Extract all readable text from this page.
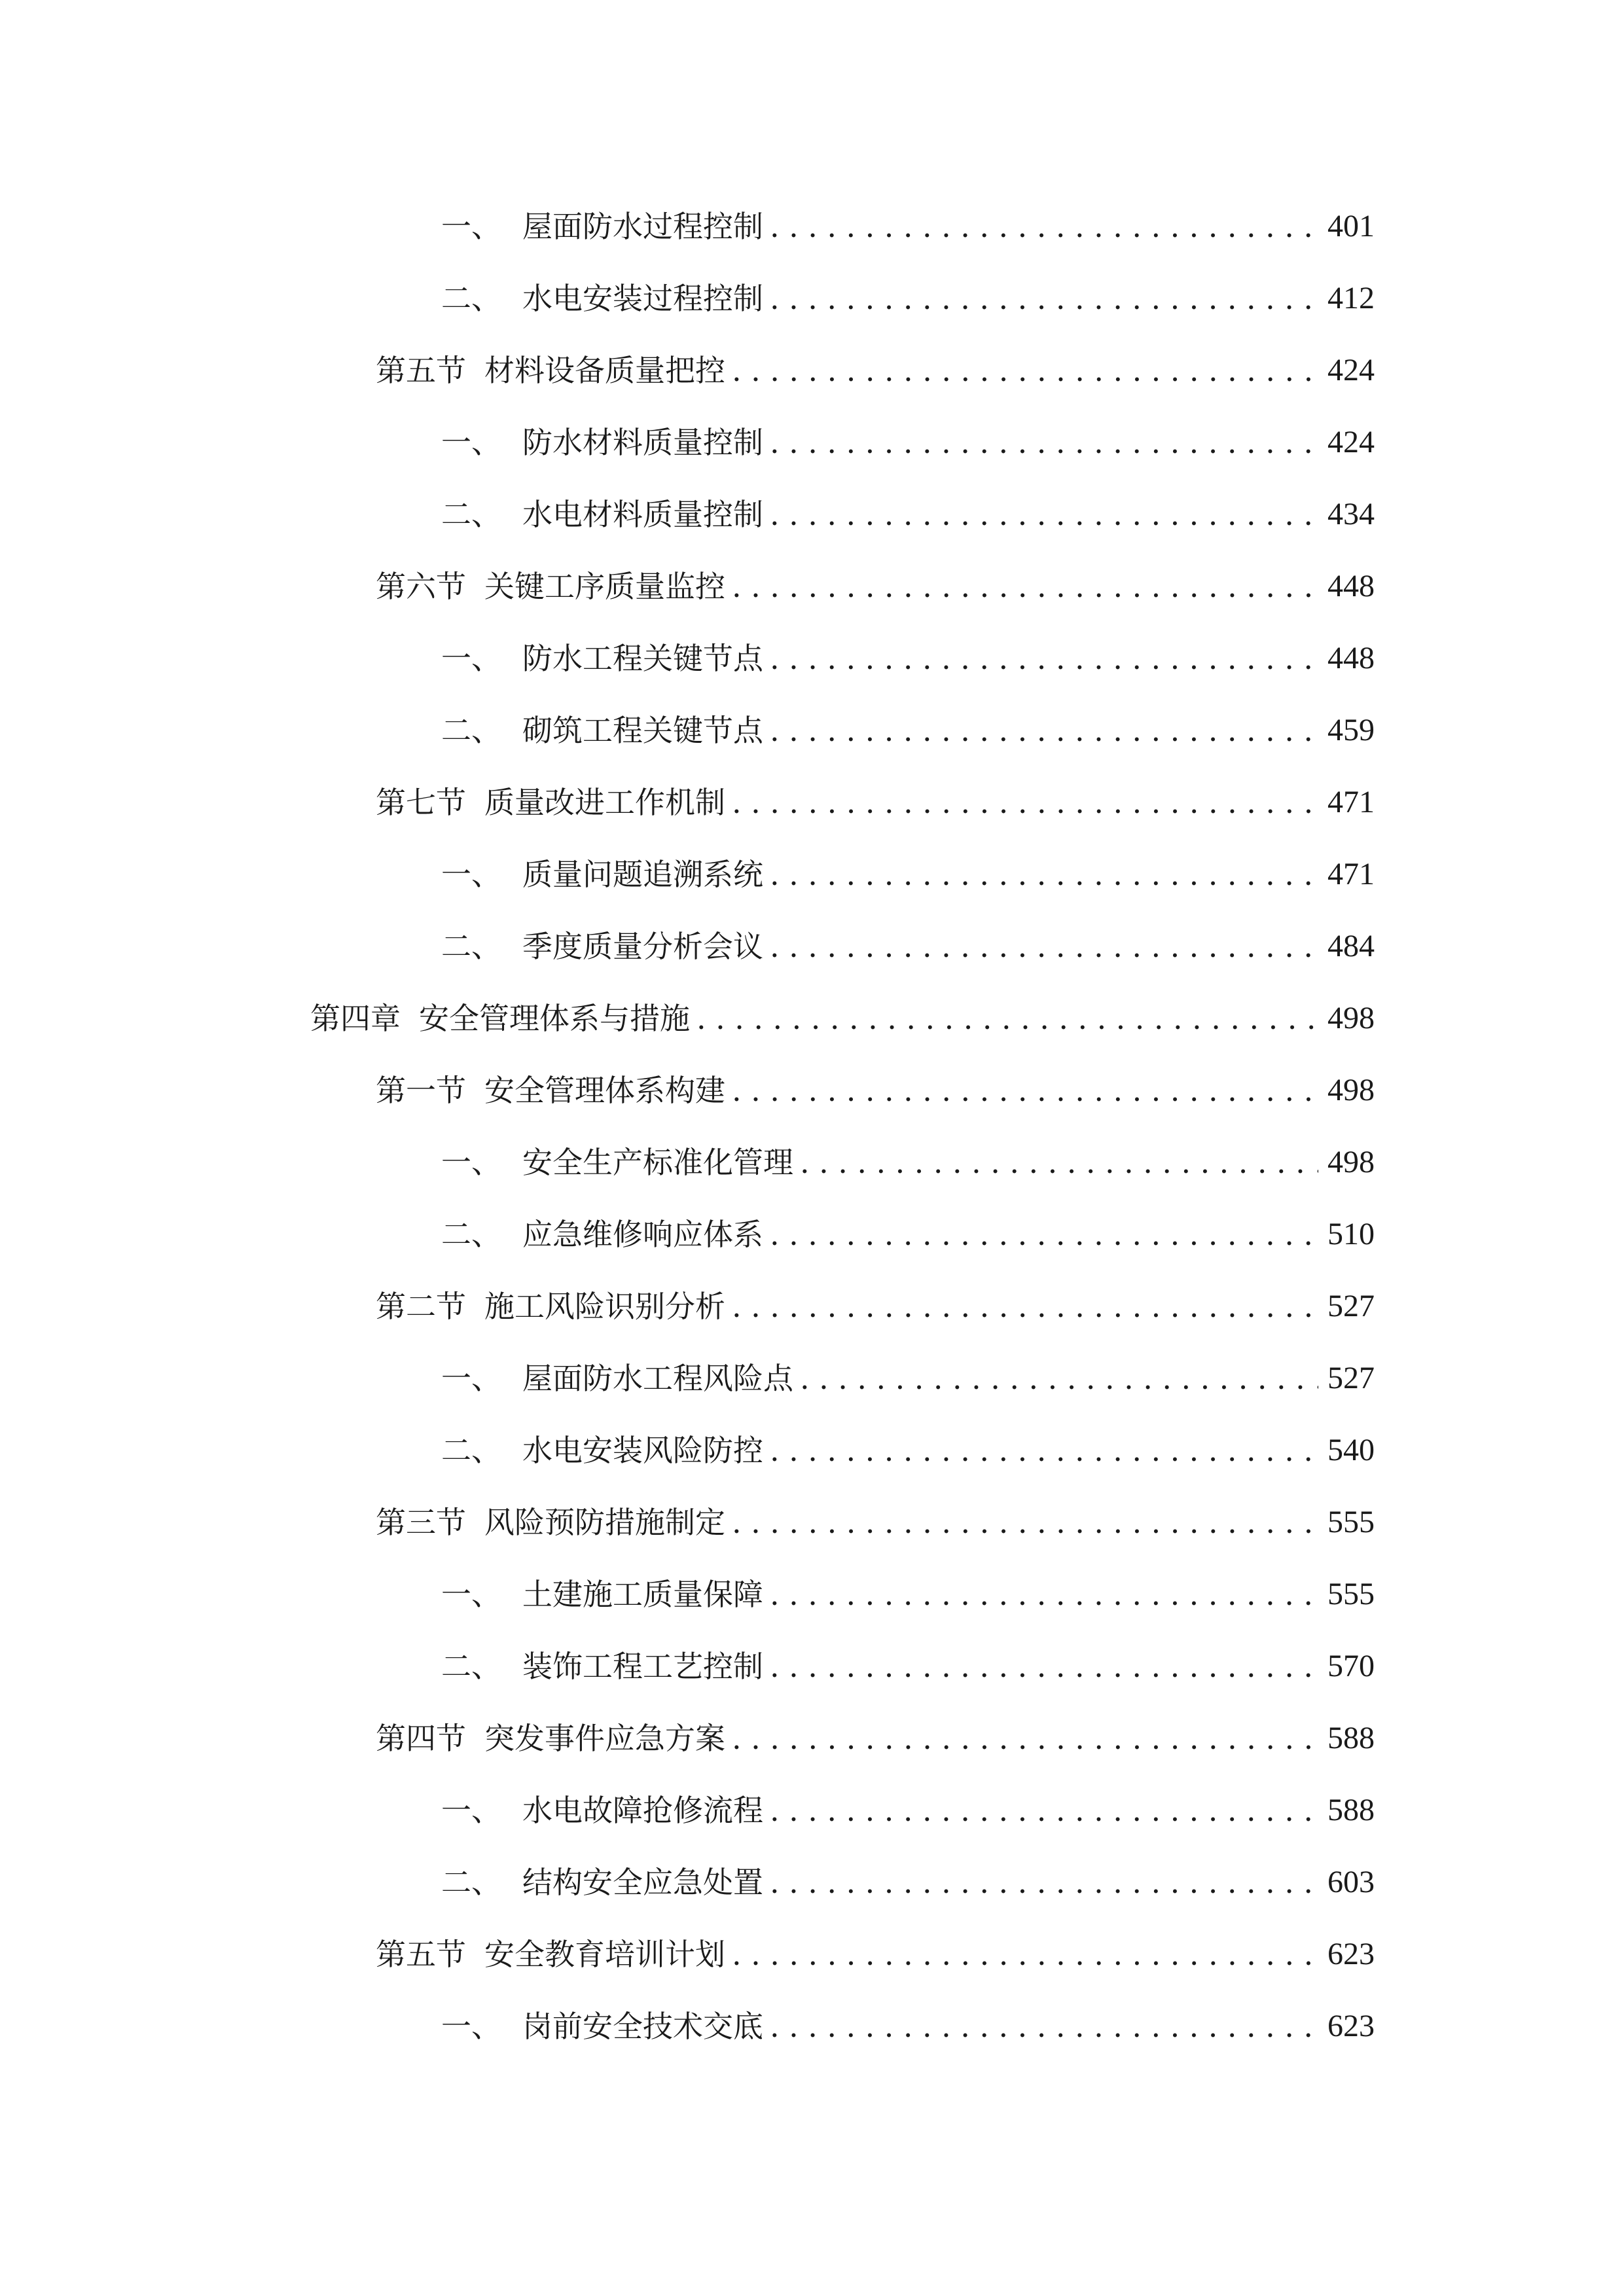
一、 屋面防水过程控制 .....	401
二、 水电安装过程控制 .....	412
第五节 材料设备质量把控 .....	424
一、 防水材料质量控制 .....	424
二、 水电材料质量控制 .....	434
第六节 关键工序质量监控 .....	448
一、 防水工程关键节点 .....	448
二、 砌筑工程关键节点 .....	459
第七节 质量改进工作机制 .....	471
一、 质量问题追溯系统 .....	471
二、 季度质量分析会议 .....	484
第四章 安全管理体系与措施 .....	498
第一节 安全管理体系构建 .....	498
一、 安全生产标准化管理 .....	498
二、 应急维修响应体系 .....	510
第二节 施工风险识别分析 .....	527
一、 屋面防水工程风险点 .....	527
二、 水电安装风险防控 .....	540
第三节 风险预防措施制定 .....	555
一、 土建施工质量保障 .....	555
二、 装饰工程工艺控制 .....	570
第四节 突发事件应急方案 .....	588
一、 水电故障抢修流程 .....	588
二、 结构安全应急处置 .....	603
第五节 安全教育培训计划 .....	623
一、 岗前安全技术交底 .....	623
